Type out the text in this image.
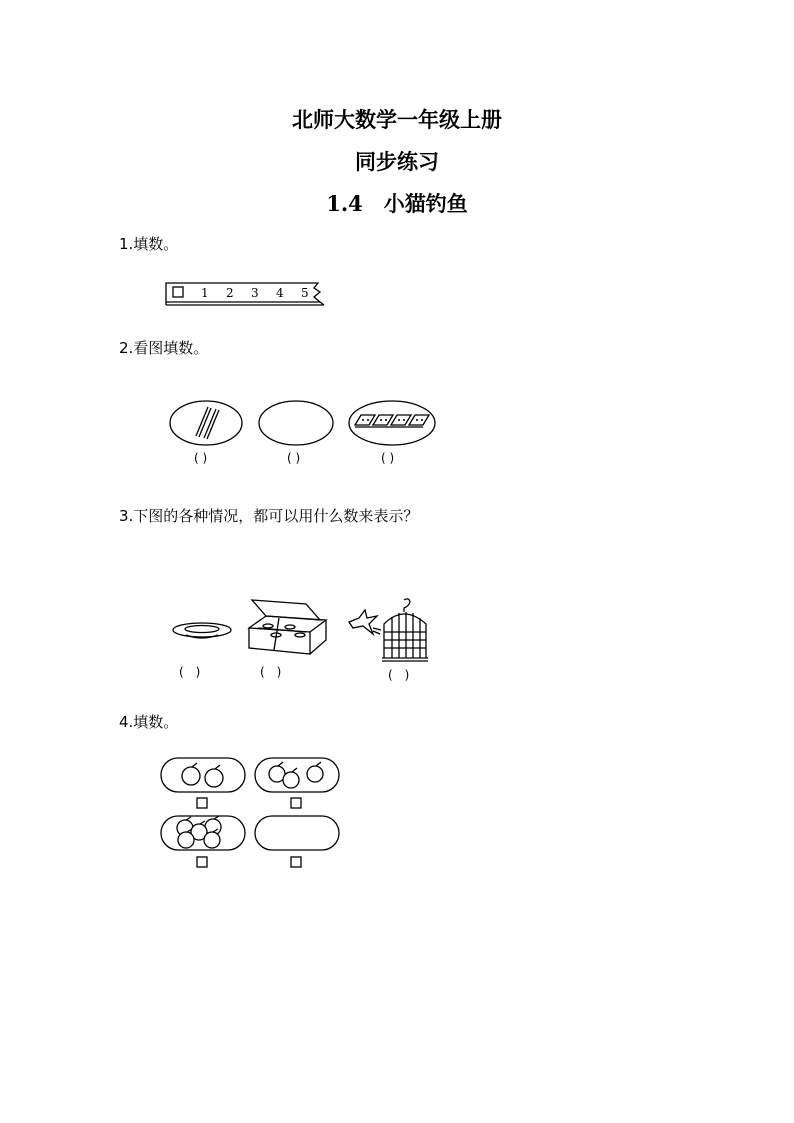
北师大数学一年级上册
同步练习
1.4　小猫钓鱼
1.填数。
1 2 3 4 5
2.看图填数。
( )	( )	( )
3.下图的各种情况，都可以用什么数来表示？
(　)	(　)	(　)
4.填数。
